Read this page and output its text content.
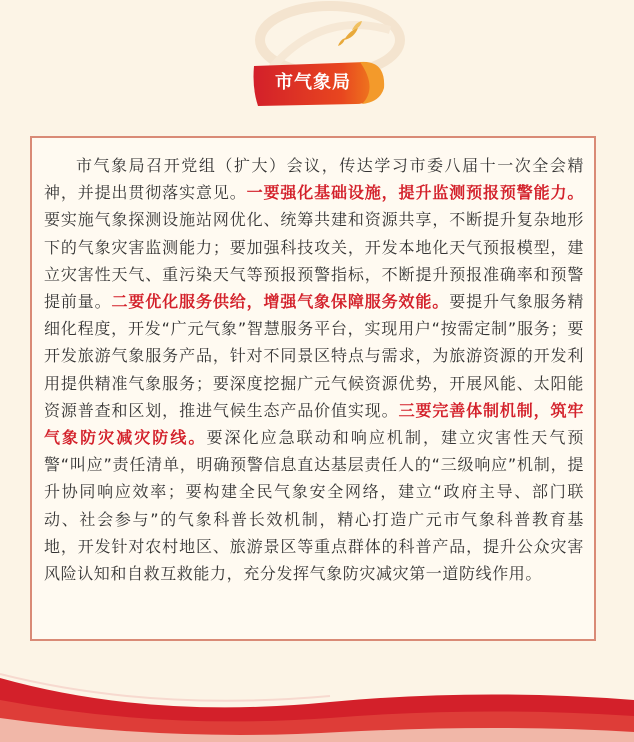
市气象局

市气象局召开党组（扩大）会议，传达学习市委八届十一次全会精神，并提出贯彻落实意见。一要强化基础设施，提升监测预报预警能力。要实施气象探测设施站网优化、统筹共建和资源共享，不断提升复杂地形下的气象灾害监测能力；要加强科技攻关，开发本地化天气预报模型，建立灾害性天气、重污染天气等预报预警指标，不断提升预报准确率和预警提前量。二要优化服务供给，增强气象保障服务效能。要提升气象服务精细化程度，开发“广元气象”智慧服务平台，实现用户“按需定制”服务；要开发旅游气象服务产品，针对不同景区特点与需求，为旅游资源的开发利用提供精准气象服务；要深度挖掘广元气候资源优势，开展风能、太阳能资源普查和区划，推进气候生态产品价值实现。三要完善体制机制，筑牢气象防灾减灾防线。要深化应急联动和响应机制，建立灾害性天气预警“叫应”责任清单，明确预警信息直达基层责任人的“三级响应”机制，提升协同响应效率；要构建全民气象安全网络，建立“政府主导、部门联动、社会参与”的气象科普长效机制，精心打造广元市气象科普教育基地，开发针对农村地区、旅游景区等重点群体的科普产品，提升公众灾害风险认知和自救互救能力，充分发挥气象防灾减灾第一道防线作用。
